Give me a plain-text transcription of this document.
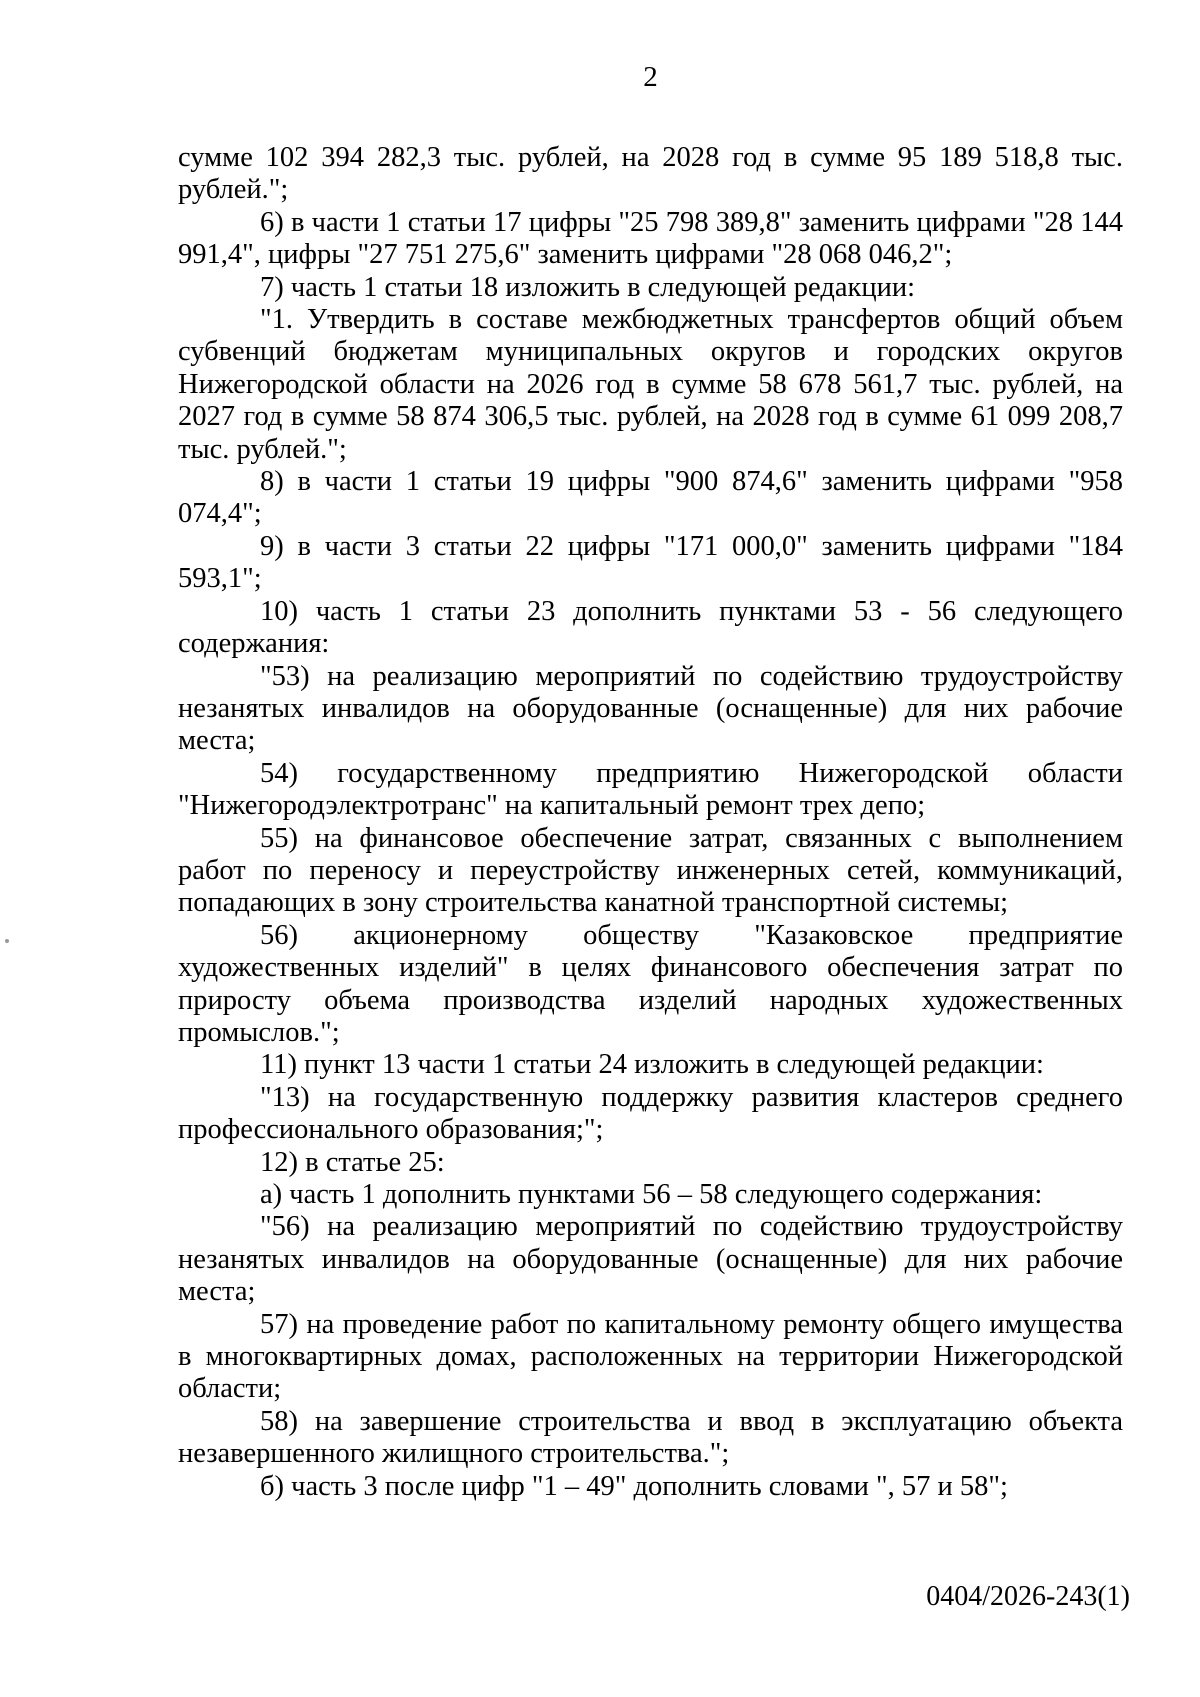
2

сумме 102 394 282,3 тыс. рублей, на 2028 год в сумме 95 189 518,8 тыс. рублей.";

6) в части 1 статьи 17 цифры "25 798 389,8" заменить цифрами "28 144 991,4", цифры "27 751 275,6" заменить цифрами "28 068 046,2";

7) часть 1 статьи 18 изложить в следующей редакции:

"1. Утвердить в составе межбюджетных трансфертов общий объем субвенций бюджетам муниципальных округов и городских округов Нижегородской области на 2026 год в сумме 58 678 561,7 тыс. рублей, на 2027 год в сумме 58 874 306,5 тыс. рублей, на 2028 год в сумме 61 099 208,7 тыс. рублей.";

8) в части 1 статьи 19 цифры "900 874,6" заменить цифрами "958 074,4";

9) в части 3 статьи 22 цифры "171 000,0" заменить цифрами "184 593,1";

10) часть 1 статьи 23 дополнить пунктами 53 - 56 следующего содержания:

"53) на реализацию мероприятий по содействию трудоустройству незанятых инвалидов на оборудованные (оснащенные) для них рабочие места;

54) государственному предприятию Нижегородской области "Нижегородэлектротранс" на капитальный ремонт трех депо;

55) на финансовое обеспечение затрат, связанных с выполнением работ по переносу и переустройству инженерных сетей, коммуникаций, попадающих в зону строительства канатной транспортной системы;

56) акционерному обществу "Казаковское предприятие художественных изделий" в целях финансового обеспечения затрат по приросту объема производства изделий народных художественных промыслов.";

11) пункт 13 части 1 статьи 24 изложить в следующей редакции:

"13) на государственную поддержку развития кластеров среднего профессионального образования;";

12) в статье 25:

а) часть 1 дополнить пунктами 56 – 58 следующего содержания:

"56) на реализацию мероприятий по содействию трудоустройству незанятых инвалидов на оборудованные (оснащенные) для них рабочие места;

57) на проведение работ по капитальному ремонту общего имущества в многоквартирных домах, расположенных на территории Нижегородской области;

58) на завершение строительства и ввод в эксплуатацию объекта незавершенного жилищного строительства.";

б) часть 3 после цифр "1 – 49" дополнить словами ", 57 и 58";

0404/2026-243(1)
